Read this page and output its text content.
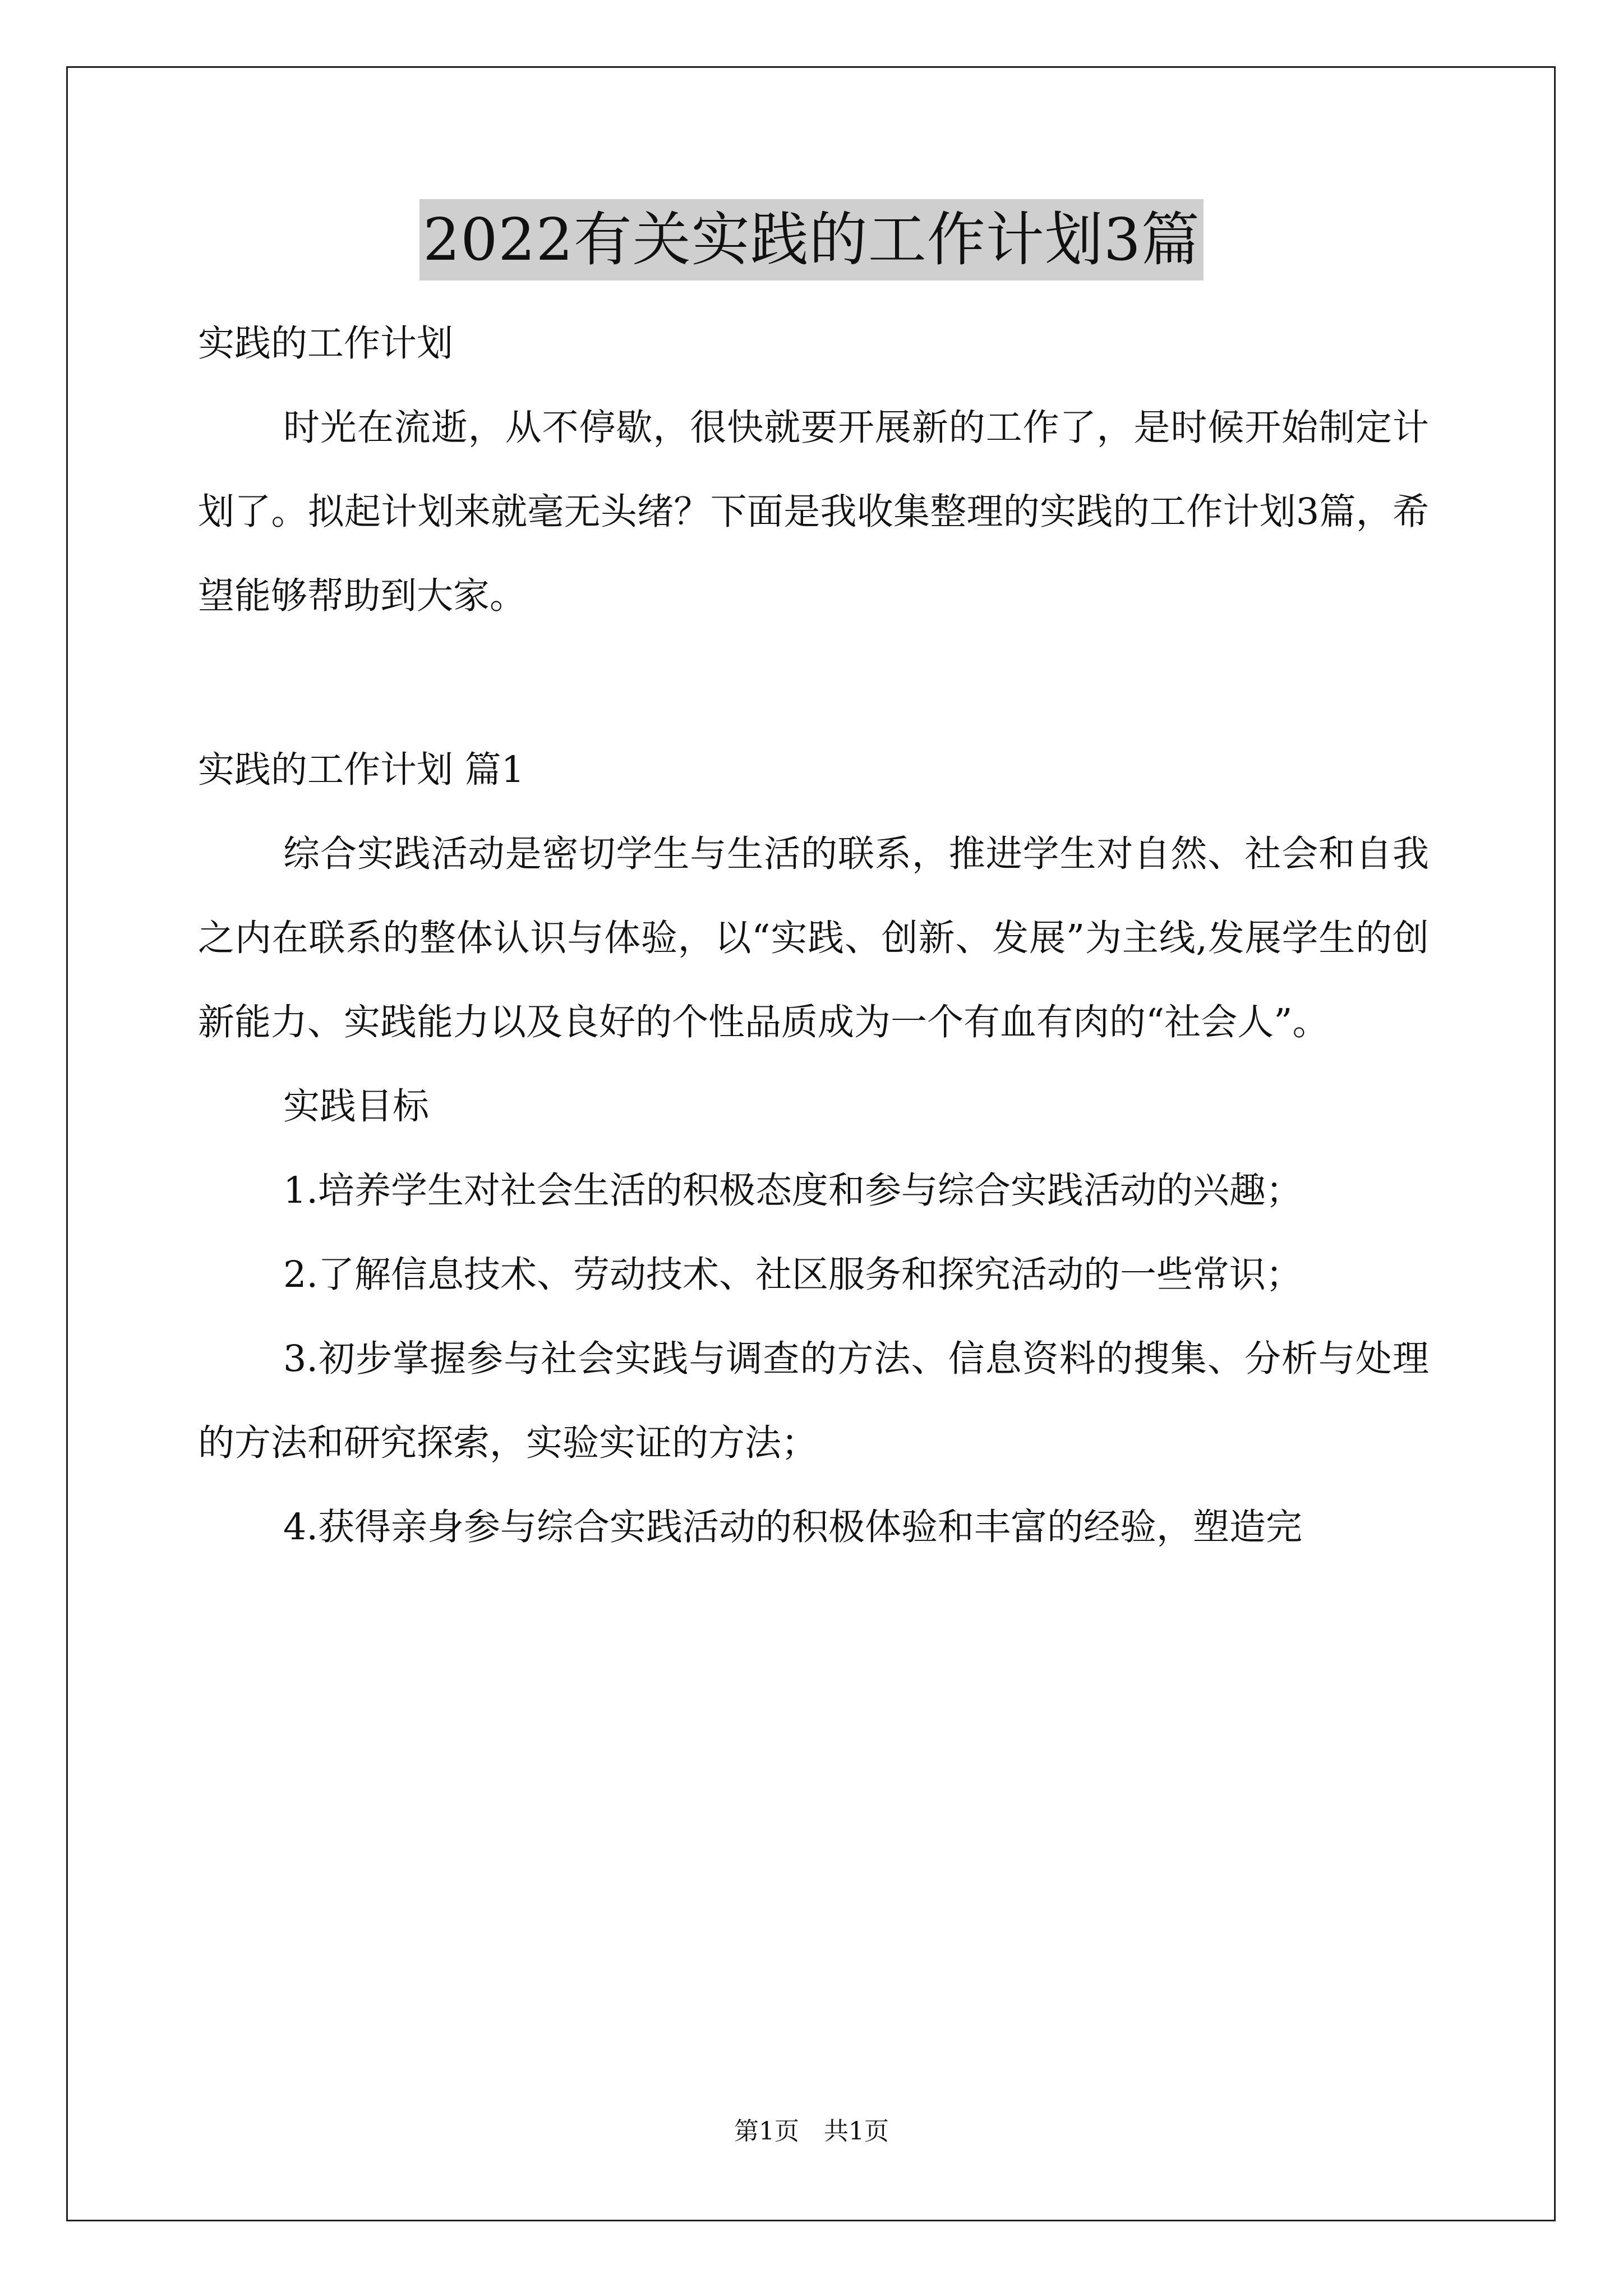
2022有关实践的工作计划3篇
实践的工作计划
时光在流逝，从不停歇，很快就要开展新的工作了，是时候开始制定计划了。拟起计划来就毫无头绪？下面是我收集整理的实践的工作计划3篇，希望能够帮助到大家。
实践的工作计划 篇1
综合实践活动是密切学生与生活的联系，推进学生对自然、社会和自我之内在联系的整体认识与体验，以“实践、创新、发展”为主线,发展学生的创新能力、实践能力以及良好的个性品质成为一个有血有肉的“社会人”。
实践目标
1.培养学生对社会生活的积极态度和参与综合实践活动的兴趣；
2.了解信息技术、劳动技术、社区服务和探究活动的一些常识；
3.初步掌握参与社会实践与调查的方法、信息资料的搜集、分析与处理的方法和研究探索，实验实证的方法；
4.获得亲身参与综合实践活动的积极体验和丰富的经验，塑造完
第1页　共1页
